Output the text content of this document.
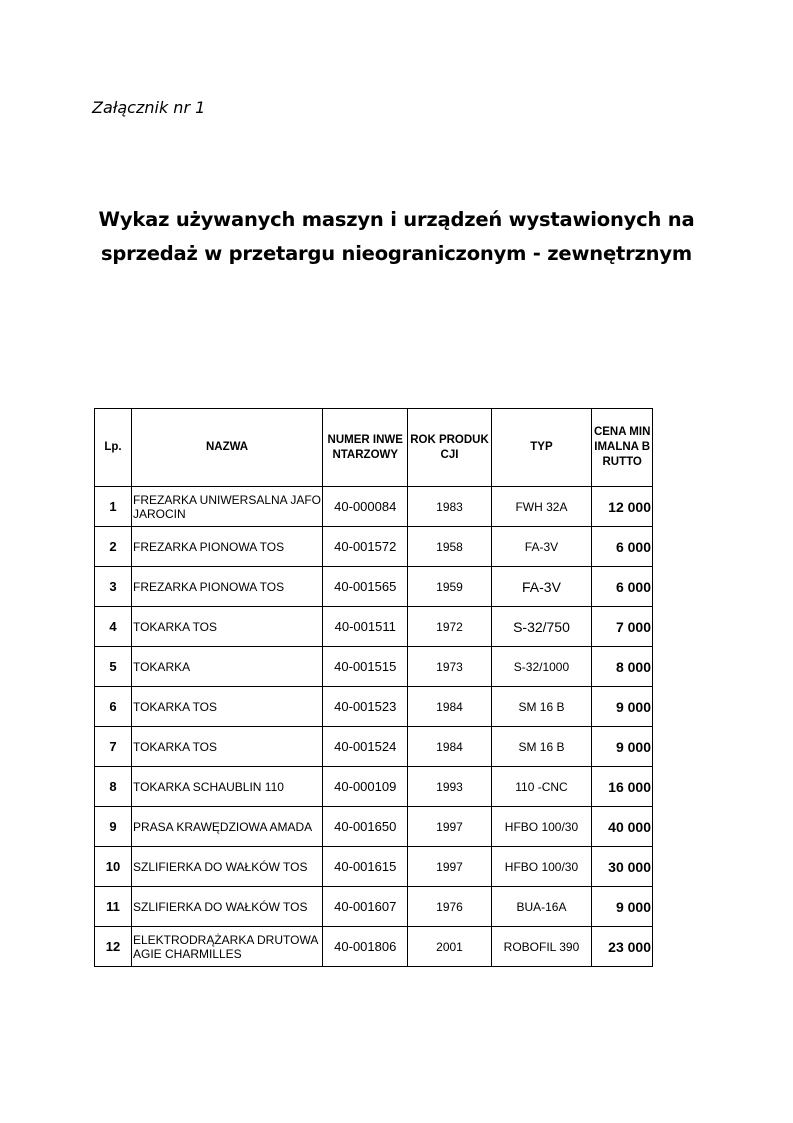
Załącznik nr 1

Wykaz używanych maszyn i urządzeń wystawionych na
sprzedaż w przetargu nieograniczonym - zewnętrznym
Lp.	NAZWA	NUMER INWENTARZOWY	ROK PRODUKCJI	TYP	CENA MINIMALNA BRUTTO
1	FREZARKA UNIWERSALNA JAFO JAROCIN	40-000084	1983	FWH 32A	12 000
2	FREZARKA PIONOWA TOS	40-001572	1958	FA-3V	6 000
3	FREZARKA PIONOWA TOS	40-001565	1959	FA-3V	6 000
4	TOKARKA TOS	40-001511	1972	S-32/750	7 000
5	TOKARKA	40-001515	1973	S-32/1000	8 000
6	TOKARKA TOS	40-001523	1984	SM 16 B	9 000
7	TOKARKA TOS	40-001524	1984	SM 16 B	9 000
8	TOKARKA SCHAUBLIN 110	40-000109	1993	110 -CNC	16 000
9	PRASA KRAWĘDZIOWA AMADA	40-001650	1997	HFBO 100/30	40 000
10	SZLIFIERKA DO WAŁKÓW TOS	40-001615	1997	HFBO 100/30	30 000
11	SZLIFIERKA DO WAŁKÓW TOS	40-001607	1976	BUA-16A	9 000
12	ELEKTRODRĄŻARKA DRUTOWA AGIE CHARMILLES	40-001806	2001	ROBOFIL 390	23 000
